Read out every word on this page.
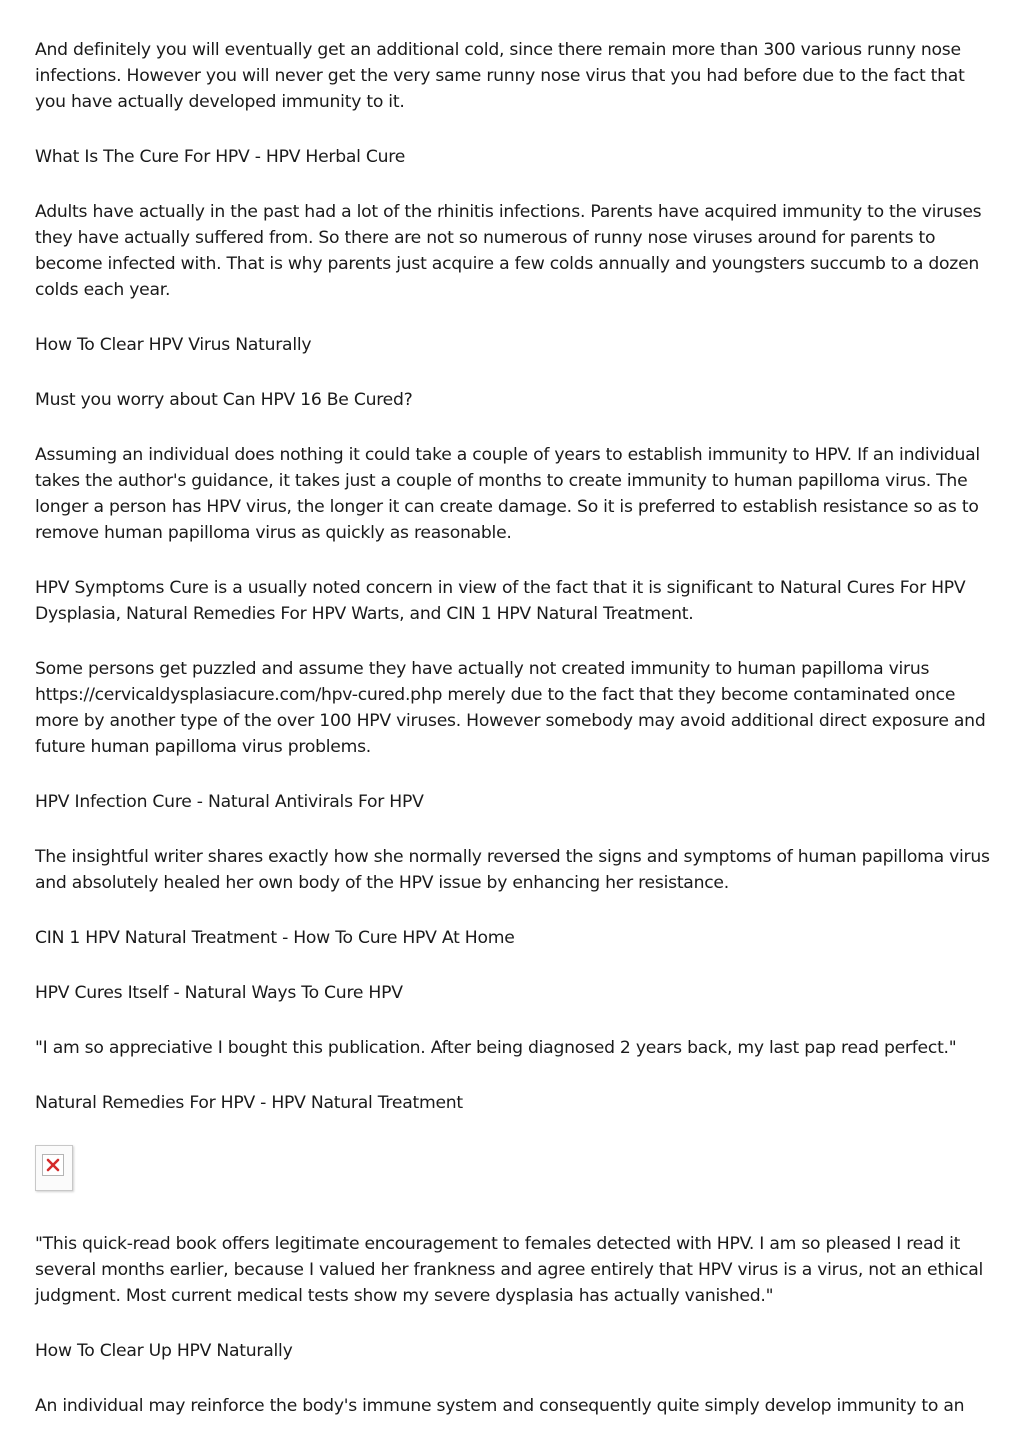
And definitely you will eventually get an additional cold, since there remain more than 300 various runny nose infections. However you will never get the very same runny nose virus that you had before due to the fact that you have actually developed immunity to it.

What Is The Cure For HPV - HPV Herbal Cure

Adults have actually in the past had a lot of the rhinitis infections. Parents have acquired immunity to the viruses they have actually suffered from. So there are not so numerous of runny nose viruses around for parents to become infected with. That is why parents just acquire a few colds annually and youngsters succumb to a dozen colds each year.

How To Clear HPV Virus Naturally

Must you worry about Can HPV 16 Be Cured?

Assuming an individual does nothing it could take a couple of years to establish immunity to HPV. If an individual takes the author's guidance, it takes just a couple of months to create immunity to human papilloma virus. The longer a person has HPV virus, the longer it can create damage. So it is preferred to establish resistance so as to remove human papilloma virus as quickly as reasonable.

HPV Symptoms Cure is a usually noted concern in view of the fact that it is significant to Natural Cures For HPV Dysplasia, Natural Remedies For HPV Warts, and CIN 1 HPV Natural Treatment.

Some persons get puzzled and assume they have actually not created immunity to human papilloma virus https://cervicaldysplasiacure.com/hpv-cured.php merely due to the fact that they become contaminated once more by another type of the over 100 HPV viruses. However somebody may avoid additional direct exposure and future human papilloma virus problems.

HPV Infection Cure - Natural Antivirals For HPV

The insightful writer shares exactly how she normally reversed the signs and symptoms of human papilloma virus and absolutely healed her own body of the HPV issue by enhancing her resistance.

CIN 1 HPV Natural Treatment - How To Cure HPV At Home

HPV Cures Itself - Natural Ways To Cure HPV

"I am so appreciative I bought this publication. After being diagnosed 2 years back, my last pap read perfect."

Natural Remedies For HPV - HPV Natural Treatment

"This quick-read book offers legitimate encouragement to females detected with HPV. I am so pleased I read it several months earlier, because I valued her frankness and agree entirely that HPV virus is a virus, not an ethical judgment. Most current medical tests show my severe dysplasia has actually vanished."

How To Clear Up HPV Naturally

An individual may reinforce the body's immune system and consequently quite simply develop immunity to an
